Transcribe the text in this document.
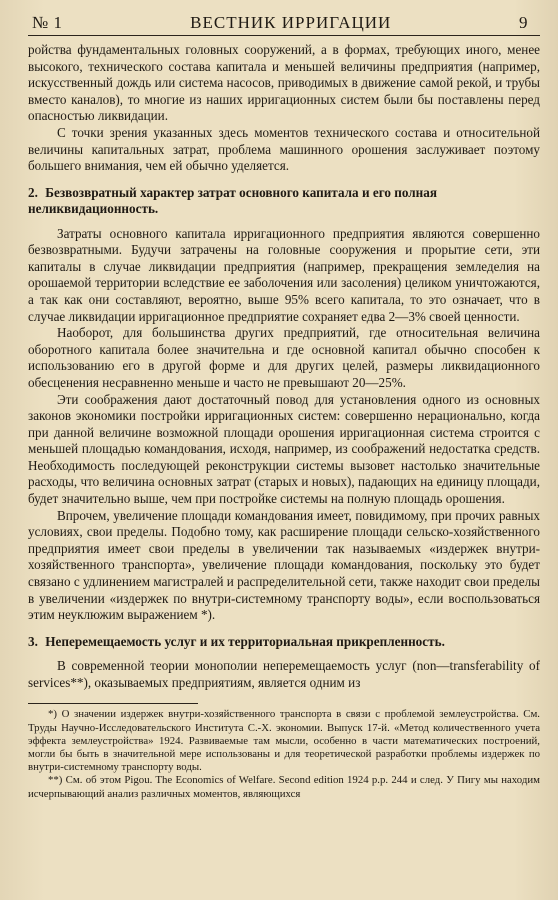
№ 1	ВЕСТНИК ИРРИГАЦИИ	9

ройства фундаментальных головных сооружений, а в формах, требующих иного, менее высокого, технического состава капитала и меньшей величины предприятия (например, искусственный дождь или система насосов, приводимых в движение самой рекой, и трубы вместо каналов), то многие из наших ирригационных систем были бы поставлены перед опасностью ликвидации.

С точки зрения указанных здесь моментов технического состава и относительной величины капитальных затрат, проблема машинного орошения заслуживает поэтому большего внимания, чем ей обычно уделяется.

2. Безвозвратный характер затрат основного капитала и его полная неликвидационность.

Затраты основного капитала ирригационного предприятия являются совершенно безвозвратными. Будучи затрачены на головные сооружения и прорытие сети, эти капиталы в случае ликвидации предприятия (например, прекращения земледелия на орошаемой территории вследствие ее заболочения или засоления) целиком уничтожаются, а так как они составляют, вероятно, выше 95% всего капитала, то это означает, что в случае ликвидации ирригационное предприятие сохраняет едва 2—3% своей ценности.

Наоборот, для большинства других предприятий, где относительная величина оборотного капитала более значительна и где основной капитал обычно способен к использованию его в другой форме и для других целей, размеры ликвидационного обесценения несравненно меньше и часто не превышают 20—25%.

Эти соображения дают достаточный повод для установления одного из основных законов экономики постройки ирригационных систем: совершенно нерационально, когда при данной величине возможной площади орошения ирригационная система строится с меньшей площадью командования, исходя, например, из соображений недостатка средств. Необходимость последующей реконструкции системы вызовет настолько значительные расходы, что величина основных затрат (старых и новых), падающих на единицу площади, будет значительно выше, чем при постройке системы на полную площадь орошения.

Впрочем, увеличение площади командования имеет, повидимому, при прочих равных условиях, свои пределы. Подобно тому, как расширение площади сельско-хозяйственного предприятия имеет свои пределы в увеличении так называемых «издержек внутри-хозяйственного транспорта», увеличение площади командования, поскольку это будет связано с удлинением магистралей и распределительной сети, также находит свои пределы в увеличении «издержек по внутри-системному транспорту воды», если воспользоваться этим неуклюжим выражением *).

3. Неперемещаемость услуг и их территориальная прикрепленность.

В современной теории монополии неперемещаемость услуг (non—transferability of services**), оказываемых предприятиям, является одним из

*) О значении издержек внутри-хозяйственного транспорта в связи с проблемой землеустройства. См. Труды Научно-Исследовательского Института С.-Х. экономии. Выпуск 17-й. «Метод количественного учета эффекта землеустройства» 1924. Развиваемые там мысли, особенно в части математических построений, могли бы быть в значительной мере использованы и для теоретической разработки проблемы издержек по внутри-системному транспорту воды.

**) См. об этом Pigou. The Economics of Welfare. Second edition 1924 p.p. 244 и след. У Пигу мы находим исчерпывающий анализ различных моментов, являющихся
